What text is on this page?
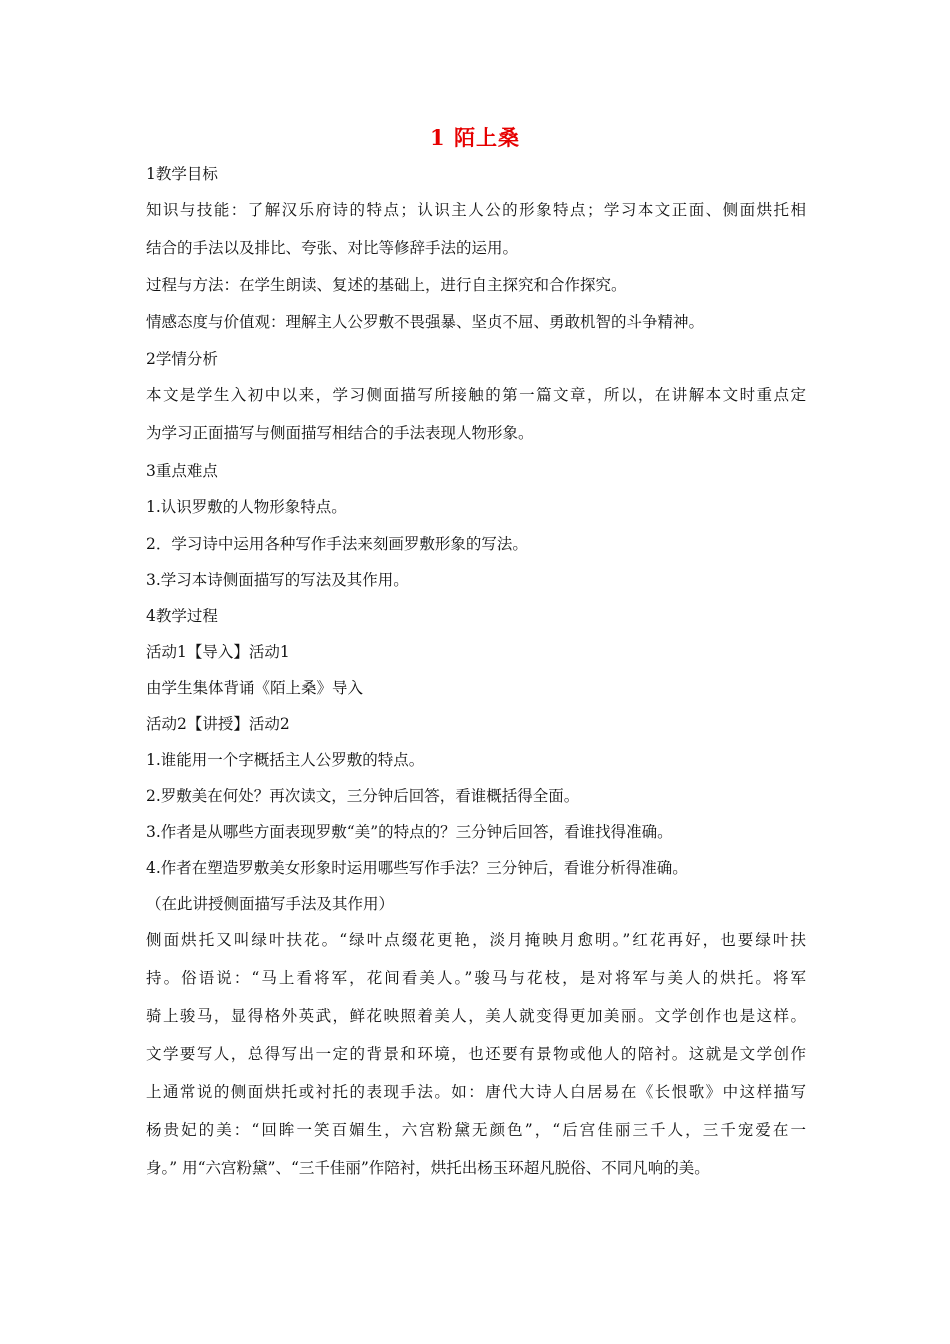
1 陌上桑
1教学目标
知识与技能：了解汉乐府诗的特点；认识主人公的形象特点；学习本文正面、侧面烘托相
结合的手法以及排比、夸张、对比等修辞手法的运用。
过程与方法：在学生朗读、复述的基础上，进行自主探究和合作探究。
情感态度与价值观：理解主人公罗敷不畏强暴、坚贞不屈、勇敢机智的斗争精神。
2学情分析
本文是学生入初中以来，学习侧面描写所接触的第一篇文章，所以，在讲解本文时重点定
为学习正面描写与侧面描写相结合的手法表现人物形象。
3重点难点
1.认识罗敷的人物形象特点。
2．学习诗中运用各种写作手法来刻画罗敷形象的写法。
3.学习本诗侧面描写的写法及其作用。
4教学过程
活动1【导入】活动1
由学生集体背诵《陌上桑》导入
活动2【讲授】活动2
1.谁能用一个字概括主人公罗敷的特点。
2.罗敷美在何处？再次读文，三分钟后回答，看谁概括得全面。
3.作者是从哪些方面表现罗敷“美”的特点的？三分钟后回答，看谁找得准确。
4.作者在塑造罗敷美女形象时运用哪些写作手法？三分钟后，看谁分析得准确。
（在此讲授侧面描写手法及其作用）
侧面烘托又叫绿叶扶花。“绿叶点缀花更艳，淡月掩映月愈明。”红花再好，也要绿叶扶
持。俗语说：“马上看将军，花间看美人。”骏马与花枝，是对将军与美人的烘托。将军
骑上骏马，显得格外英武，鲜花映照着美人，美人就变得更加美丽。文学创作也是这样。
文学要写人，总得写出一定的背景和环境，也还要有景物或他人的陪衬。这就是文学创作
上通常说的侧面烘托或衬托的表现手法。如：唐代大诗人白居易在《长恨歌》中这样描写
杨贵妃的美：“回眸一笑百媚生，六宫粉黛无颜色”，“后宫佳丽三千人，三千宠爱在一
身。” 用“六宫粉黛”、“三千佳丽”作陪衬，烘托出杨玉环超凡脱俗、不同凡响的美。
